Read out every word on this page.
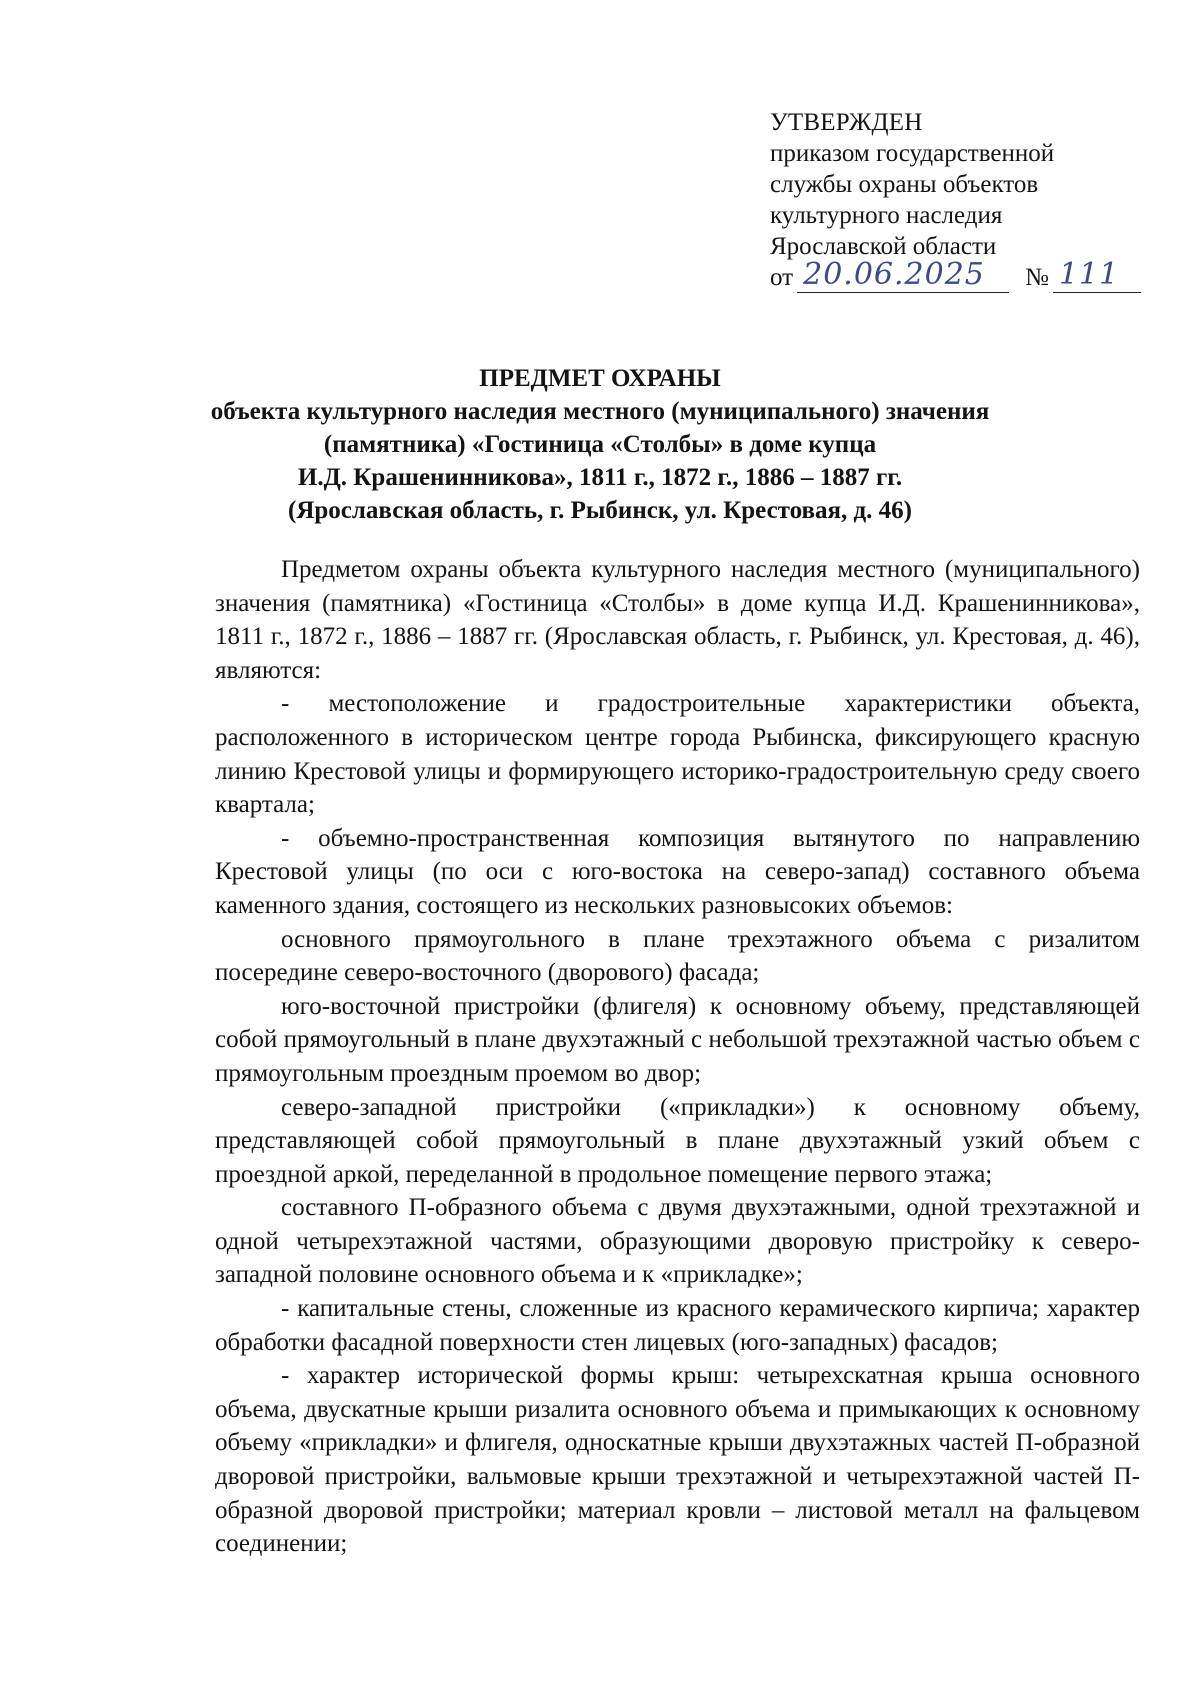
УТВЕРЖДЕН
приказом государственной
службы охраны объектов
культурного наследия
Ярославской области
от 20.06.2025 № 111
ПРЕДМЕТ ОХРАНЫ
объекта культурного наследия местного (муниципального) значения
(памятника) «Гостиница «Столбы» в доме купца
И.Д. Крашенинникова», 1811 г., 1872 г., 1886 – 1887 гг.
(Ярославская область, г. Рыбинск, ул. Крестовая, д. 46)

Предметом охраны объекта культурного наследия местного (муниципального) значения (памятника) «Гостиница «Столбы» в доме купца И.Д. Крашенинникова», 1811 г., 1872 г., 1886 – 1887 гг. (Ярославская область, г. Рыбинск, ул. Крестовая, д. 46), являются:

- местоположение и градостроительные характеристики объекта, расположенного в историческом центре города Рыбинска, фиксирующего красную линию Крестовой улицы и формирующего историко-градостроительную среду своего квартала;

- объемно-пространственная композиция вытянутого по направлению Крестовой улицы (по оси с юго-востока на северо-запад) составного объема каменного здания, состоящего из нескольких разновысоких объемов:

основного прямоугольного в плане трехэтажного объема с ризалитом посередине северо-восточного (дворового) фасада;

юго-восточной пристройки (флигеля) к основному объему, представляющей собой прямоугольный в плане двухэтажный с небольшой трехэтажной частью объем с прямоугольным проездным проемом во двор;

северо-западной пристройки («прикладки») к основному объему, представляющей собой прямоугольный в плане двухэтажный узкий объем с проездной аркой, переделанной в продольное помещение первого этажа;

составного П-образного объема с двумя двухэтажными, одной трехэтажной и одной четырехэтажной частями, образующими дворовую пристройку к северо-западной половине основного объема и к «прикладке»;

- капитальные стены, сложенные из красного керамического кирпича; характер обработки фасадной поверхности стен лицевых (юго-западных) фасадов;

- характер исторической формы крыш: четырехскатная крыша основного объема, двускатные крыши ризалита основного объема и примыкающих к основному объему «прикладки» и флигеля, односкатные крыши двухэтажных частей П-образной дворовой пристройки, вальмовые крыши трехэтажной и четырехэтажной частей П-образной дворовой пристройки; материал кровли – листовой металл на фальцевом соединении;
